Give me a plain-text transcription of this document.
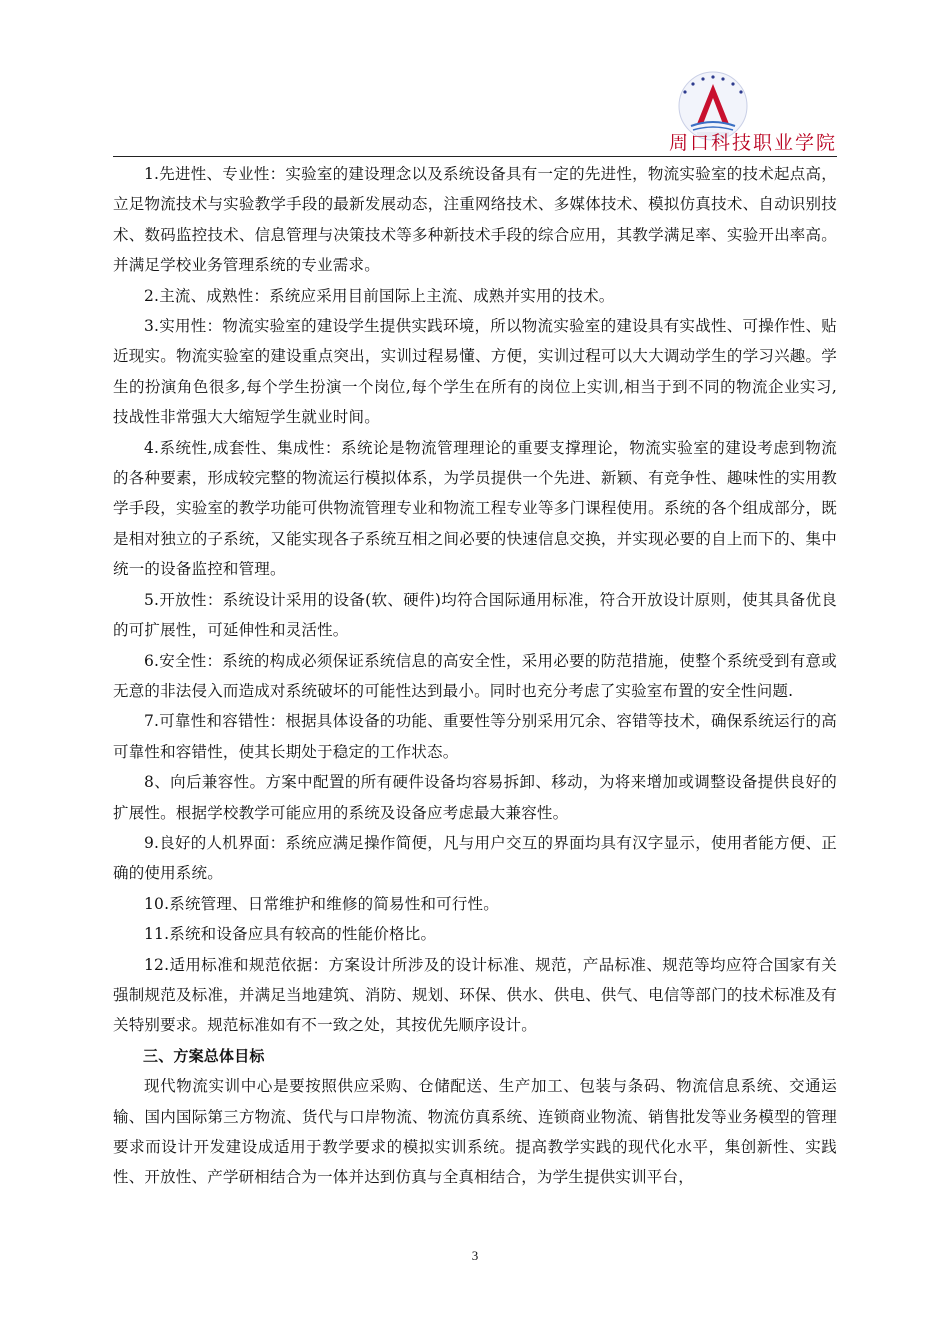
周口科技职业学院

1.先进性、专业性：实验室的建设理念以及系统设备具有一定的先进性，物流实验室的技术起点高，立足物流技术与实验教学手段的最新发展动态，注重网络技术、多媒体技术、模拟仿真技术、自动识别技术、数码监控技术、信息管理与决策技术等多种新技术手段的综合应用，其教学满足率、实验开出率高。并满足学校业务管理系统的专业需求。

2.主流、成熟性：系统应采用目前国际上主流、成熟并实用的技术。

3.实用性：物流实验室的建设学生提供实践环境，所以物流实验室的建设具有实战性、可操作性、贴近现实。物流实验室的建设重点突出，实训过程易懂、方便，实训过程可以大大调动学生的学习兴趣。学生的扮演角色很多,每个学生扮演一个岗位,每个学生在所有的岗位上实训,相当于到不同的物流企业实习,技战性非常强大大缩短学生就业时间。

4.系统性,成套性、集成性：系统论是物流管理理论的重要支撑理论，物流实验室的建设考虑到物流的各种要素，形成较完整的物流运行模拟体系，为学员提供一个先进、新颖、有竞争性、趣味性的实用教学手段，实验室的教学功能可供物流管理专业和物流工程专业等多门课程使用。系统的各个组成部分，既是相对独立的子系统，又能实现各子系统互相之间必要的快速信息交换，并实现必要的自上而下的、集中统一的设备监控和管理。

5.开放性：系统设计采用的设备(软、硬件)均符合国际通用标准，符合开放设计原则，使其具备优良的可扩展性，可延伸性和灵活性。

6.安全性：系统的构成必须保证系统信息的高安全性，采用必要的防范措施，使整个系统受到有意或无意的非法侵入而造成对系统破坏的可能性达到最小。同时也充分考虑了实验室布置的安全性问题.

7.可靠性和容错性：根据具体设备的功能、重要性等分别采用冗余、容错等技术，确保系统运行的高可靠性和容错性，使其长期处于稳定的工作状态。

8、向后兼容性。方案中配置的所有硬件设备均容易拆卸、移动，为将来增加或调整设备提供良好的扩展性。根据学校教学可能应用的系统及设备应考虑最大兼容性。

9.良好的人机界面：系统应满足操作简便，凡与用户交互的界面均具有汉字显示，使用者能方便、正确的使用系统。

10.系统管理、日常维护和维修的简易性和可行性。

11.系统和设备应具有较高的性能价格比。

12.适用标准和规范依据：方案设计所涉及的设计标准、规范，产品标准、规范等均应符合国家有关强制规范及标准，并满足当地建筑、消防、规划、环保、供水、供电、供气、电信等部门的技术标准及有关特别要求。规范标准如有不一致之处，其按优先顺序设计。

三、方案总体目标

现代物流实训中心是要按照供应采购、仓储配送、生产加工、包装与条码、物流信息系统、交通运输、国内国际第三方物流、货代与口岸物流、物流仿真系统、连锁商业物流、销售批发等业务模型的管理要求而设计开发建设成适用于教学要求的模拟实训系统。提高教学实践的现代化水平，集创新性、实践性、开放性、产学研相结合为一体并达到仿真与全真相结合，为学生提供实训平台，

3
